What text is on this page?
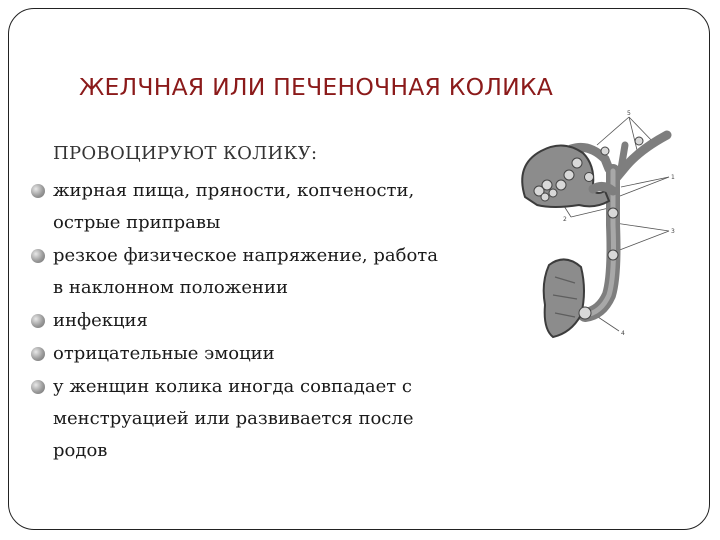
ЖЕЛЧНАЯ ИЛИ ПЕЧЕНОЧНАЯ КОЛИКА
ПРОВОЦИРУЮТ КОЛИКУ:
жирная пища, пряности, копчености,
острые приправы
резкое физическое напряжение, работа
в наклонном положении
инфекция
отрицательные эмоции
у женщин колика иногда совпадает с
менструацией или развивается после
родов
5
1
2
3
4
